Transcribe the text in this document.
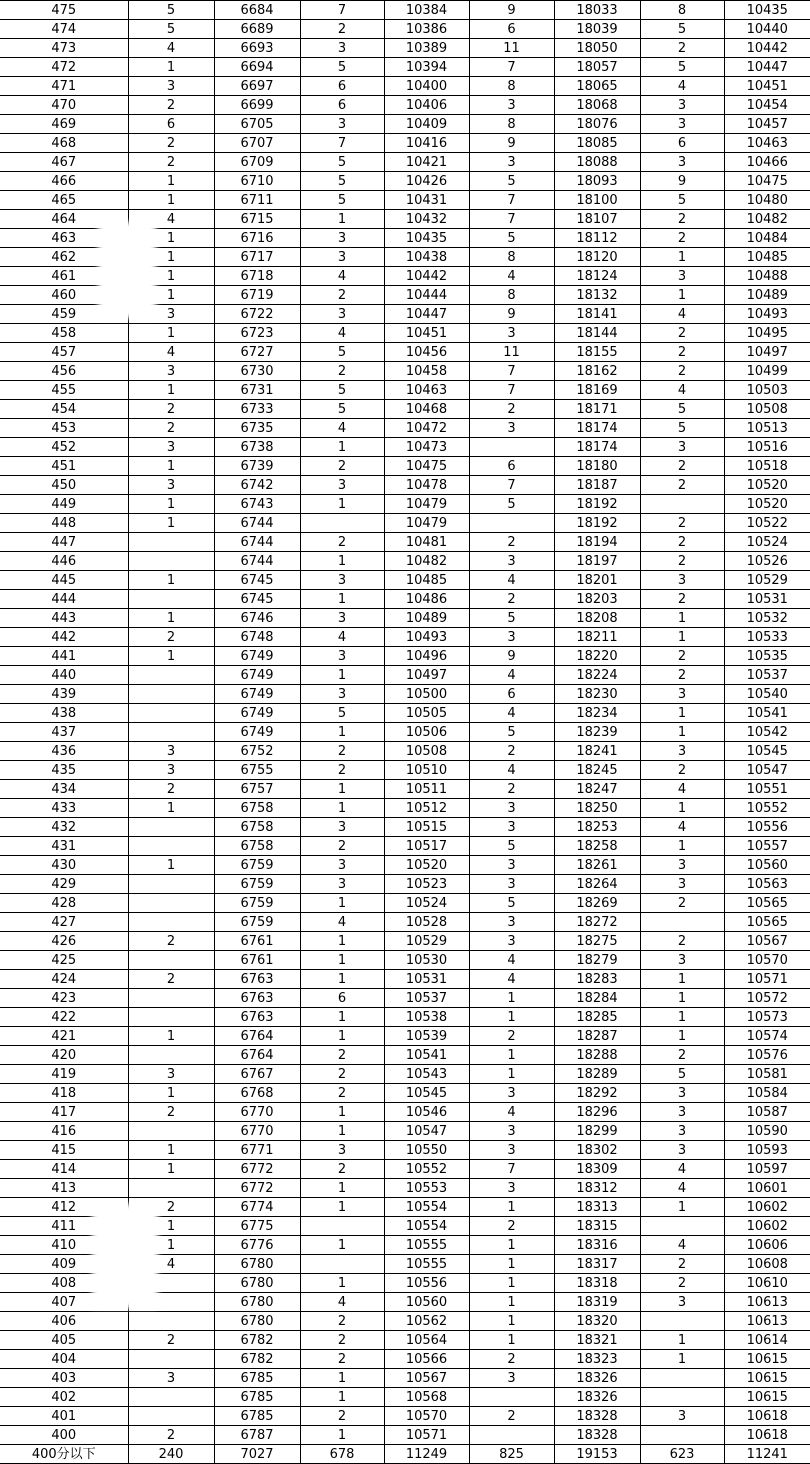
475	5	6684	7	10384	9	18033	8	10435
474	5	6689	2	10386	6	18039	5	10440
473	4	6693	3	10389	11	18050	2	10442
472	1	6694	5	10394	7	18057	5	10447
471	3	6697	6	10400	8	18065	4	10451
470	2	6699	6	10406	3	18068	3	10454
469	6	6705	3	10409	8	18076	3	10457
468	2	6707	7	10416	9	18085	6	10463
467	2	6709	5	10421	3	18088	3	10466
466	1	6710	5	10426	5	18093	9	10475
465	1	6711	5	10431	7	18100	5	10480
464	4	6715	1	10432	7	18107	2	10482
463	1	6716	3	10435	5	18112	2	10484
462	1	6717	3	10438	8	18120	1	10485
461	1	6718	4	10442	4	18124	3	10488
460	1	6719	2	10444	8	18132	1	10489
459	3	6722	3	10447	9	18141	4	10493
458	1	6723	4	10451	3	18144	2	10495
457	4	6727	5	10456	11	18155	2	10497
456	3	6730	2	10458	7	18162	2	10499
455	1	6731	5	10463	7	18169	4	10503
454	2	6733	5	10468	2	18171	5	10508
453	2	6735	4	10472	3	18174	5	10513
452	3	6738	1	10473		18174	3	10516
451	1	6739	2	10475	6	18180	2	10518
450	3	6742	3	10478	7	18187	2	10520
449	1	6743	1	10479	5	18192		10520
448	1	6744		10479		18192	2	10522
447		6744	2	10481	2	18194	2	10524
446		6744	1	10482	3	18197	2	10526
445	1	6745	3	10485	4	18201	3	10529
444		6745	1	10486	2	18203	2	10531
443	1	6746	3	10489	5	18208	1	10532
442	2	6748	4	10493	3	18211	1	10533
441	1	6749	3	10496	9	18220	2	10535
440		6749	1	10497	4	18224	2	10537
439		6749	3	10500	6	18230	3	10540
438		6749	5	10505	4	18234	1	10541
437		6749	1	10506	5	18239	1	10542
436	3	6752	2	10508	2	18241	3	10545
435	3	6755	2	10510	4	18245	2	10547
434	2	6757	1	10511	2	18247	4	10551
433	1	6758	1	10512	3	18250	1	10552
432		6758	3	10515	3	18253	4	10556
431		6758	2	10517	5	18258	1	10557
430	1	6759	3	10520	3	18261	3	10560
429		6759	3	10523	3	18264	3	10563
428		6759	1	10524	5	18269	2	10565
427		6759	4	10528	3	18272		10565
426	2	6761	1	10529	3	18275	2	10567
425		6761	1	10530	4	18279	3	10570
424	2	6763	1	10531	4	18283	1	10571
423		6763	6	10537	1	18284	1	10572
422		6763	1	10538	1	18285	1	10573
421	1	6764	1	10539	2	18287	1	10574
420		6764	2	10541	1	18288	2	10576
419	3	6767	2	10543	1	18289	5	10581
418	1	6768	2	10545	3	18292	3	10584
417	2	6770	1	10546	4	18296	3	10587
416		6770	1	10547	3	18299	3	10590
415	1	6771	3	10550	3	18302	3	10593
414	1	6772	2	10552	7	18309	4	10597
413		6772	1	10553	3	18312	4	10601
412	2	6774	1	10554	1	18313	1	10602
411	1	6775		10554	2	18315		10602
410	1	6776	1	10555	1	18316	4	10606
409	4	6780		10555	1	18317	2	10608
408		6780	1	10556	1	18318	2	10610
407		6780	4	10560	1	18319	3	10613
406		6780	2	10562	1	18320		10613
405	2	6782	2	10564	1	18321	1	10614
404		6782	2	10566	2	18323	1	10615
403	3	6785	1	10567	3	18326		10615
402		6785	1	10568		18326		10615
401		6785	2	10570	2	18328	3	10618
400	2	6787	1	10571		18328		10618
400分以下	240	7027	678	11249	825	19153	623	11241
